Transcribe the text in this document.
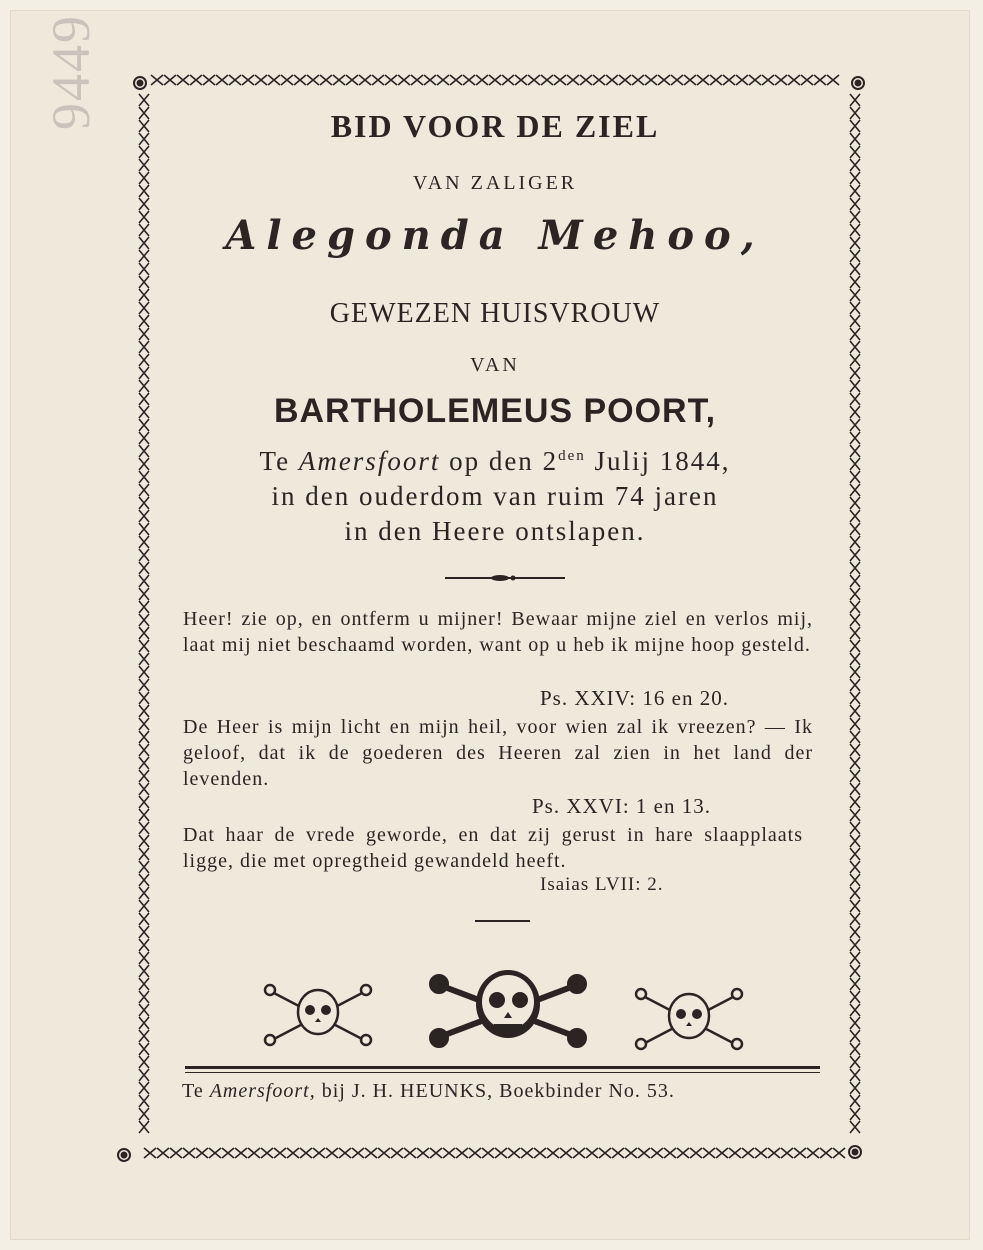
9449	BID VOOR DE ZIEL

VAN ZALIGER

Alegonda Mehoo,

GEWEZEN HUISVROUW

VAN

BARTHOLEMEUS POORT,

Te Amersfoort op den $2^{den}$ Julij 1844,

in den ouderdom van ruim 74 jaren

in den Heere ontslapen.

Heer! zie op, en ontferm u mijner! Bewaar mijne ziel en verlos mij, laat mij niet beschaamd worden, want op u heb ik mijne hoop gesteld.

Ps. XXIV: 16 en 20.

De Heer is mijn licht en mijn heil, voor wien zal ik vreezen? — Ik geloof, dat ik de goederen des Heeren zal zien in het land der levenden.

Ps. XXVI: 1 en 13.

Dat haar de vrede geworde, en dat zij gerust in hare slaapplaats ligge, die met opregtheid gewandeld heeft.

Isaias LVII: 2.
Te Amersfoort, bij J. H. HEUNKS, Boekbinder No. 53.
